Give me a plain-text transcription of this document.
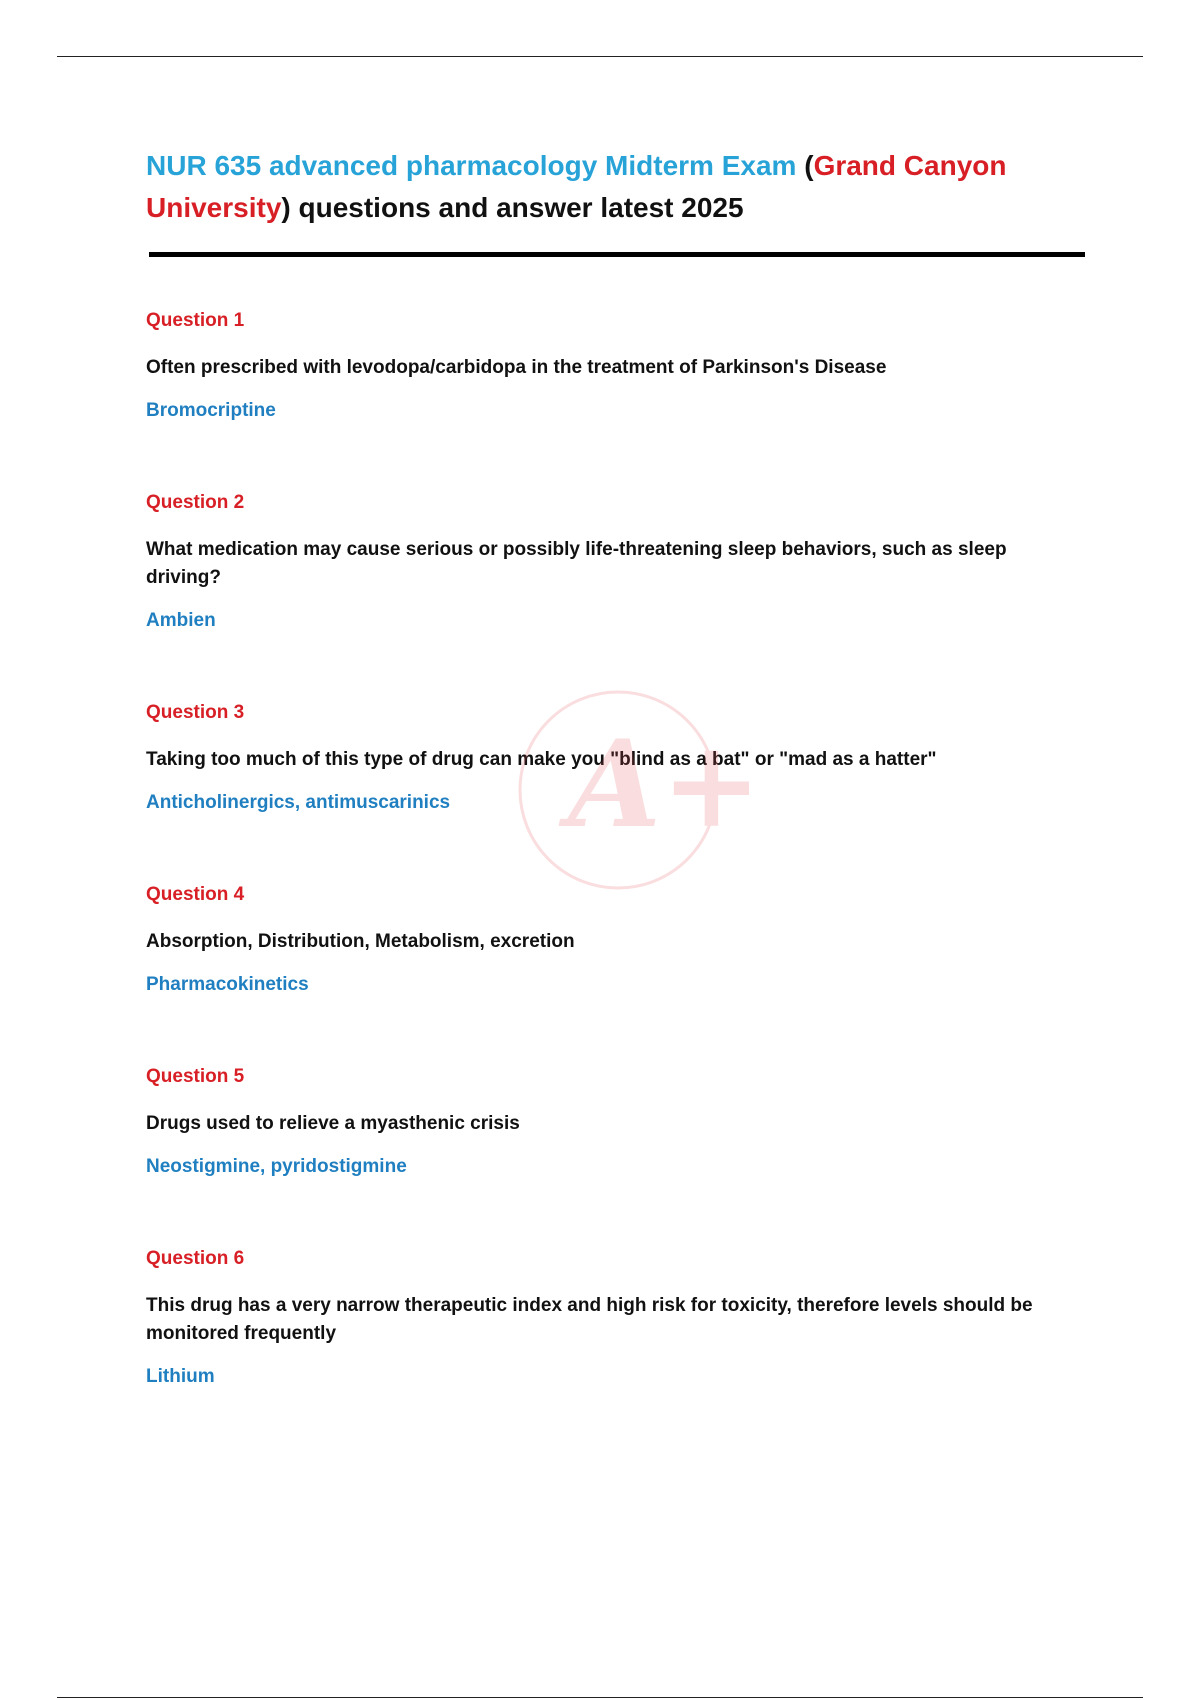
NUR 635 advanced pharmacology Midterm Exam (Grand Canyon University) questions and answer latest 2025

Question 1

Often prescribed with levodopa/carbidopa in the treatment of Parkinson's Disease

Bromocriptine

Question 2

What medication may cause serious or possibly life-threatening sleep behaviors, such as sleep driving?

Ambien

Question 3

Taking too much of this type of drug can make you "blind as a bat" or "mad as a hatter"

Anticholinergics, antimuscarinics

Question 4

Absorption, Distribution, Metabolism, excretion

Pharmacokinetics

Question 5

Drugs used to relieve a myasthenic crisis

Neostigmine, pyridostigmine

Question 6

This drug has a very narrow therapeutic index and high risk for toxicity, therefore levels should be monitored frequently

Lithium

A+
